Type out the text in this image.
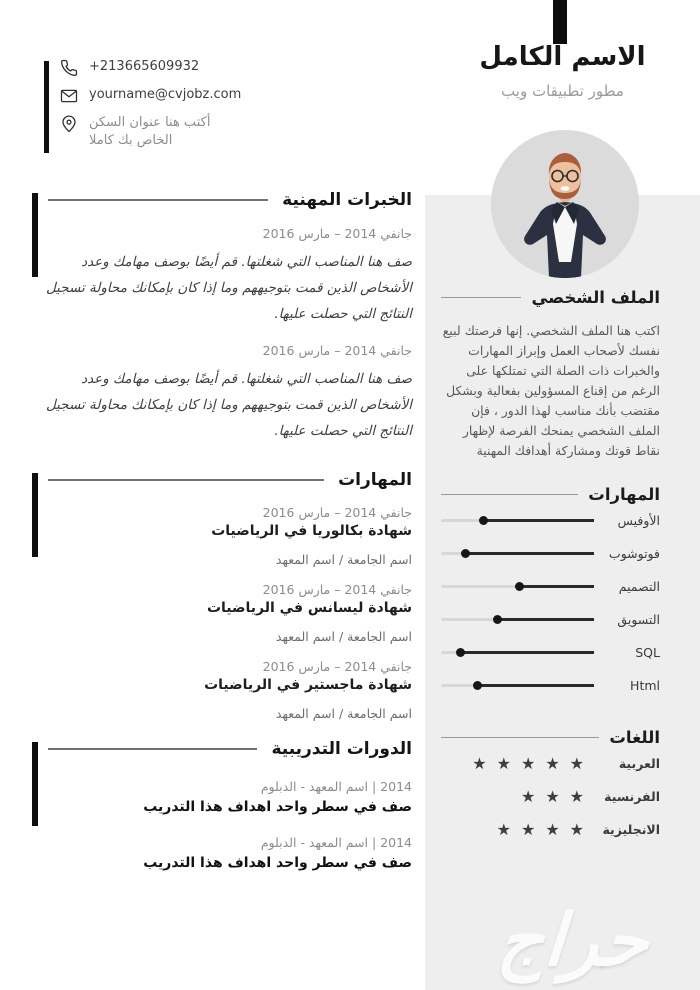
الاسم الكامل
مطور تطبيقات ويب
الملف الشخصي
اكتب هنا الملف الشخصي. إنها فرصتك لبيع نفسك لأصحاب العمل وإبراز المهارات والخبرات ذات الصلة التي تمتلكها على الرغم من إقناع المسؤولين بفعالية وبشكل مقتضب بأنك مناسب لهذا الدور ، فإن الملف الشخصي يمنحك الفرصة لإظهار نقاط قوتك ومشاركة أهدافك المهنية
المهارات
الأوفيس
فوتوشوب
التصميم
التسويق
SQL
Html
اللغات
العربية
★★★★★
الفرنسية
★★★
الانجليزية
★★★★
+213665609932
yourname@cvjobz.com
أكتب هنا عنوان السكن
الخاص بك كاملا
الخبرات المهنية
جانفي 2014 – مارس 2016
صف هنا المناصب التي شغلتها. قم أيضًا بوصف مهامك وعدد الأشخاص الذين قمت بتوجيههم وما إذا كان بإمكانك محاولة تسجيل النتائج التي حصلت عليها.
جانفي 2014 – مارس 2016
صف هنا المناصب التي شغلتها. قم أيضًا بوصف مهامك وعدد الأشخاص الذين قمت بتوجيههم وما إذا كان بإمكانك محاولة تسجيل النتائج التي حصلت عليها.
المهارات
جانفي 2014 – مارس 2016
شهادة بكالوريا في الرياضيات
اسم الجامعة / اسم المعهد
جانفي 2014 – مارس 2016
شهادة ليسانس في الرياضيات
اسم الجامعة / اسم المعهد
جانفي 2014 – مارس 2016
شهادة ماجستير في الرياضيات
اسم الجامعة / اسم المعهد
الدورات التدريبية
2014 | اسم المعهد - الدبلوم
صف في سطر واحد اهداف هذا التدريب
2014 | اسم المعهد - الدبلوم
صف في سطر واحد اهداف هذا التدريب
حراج
